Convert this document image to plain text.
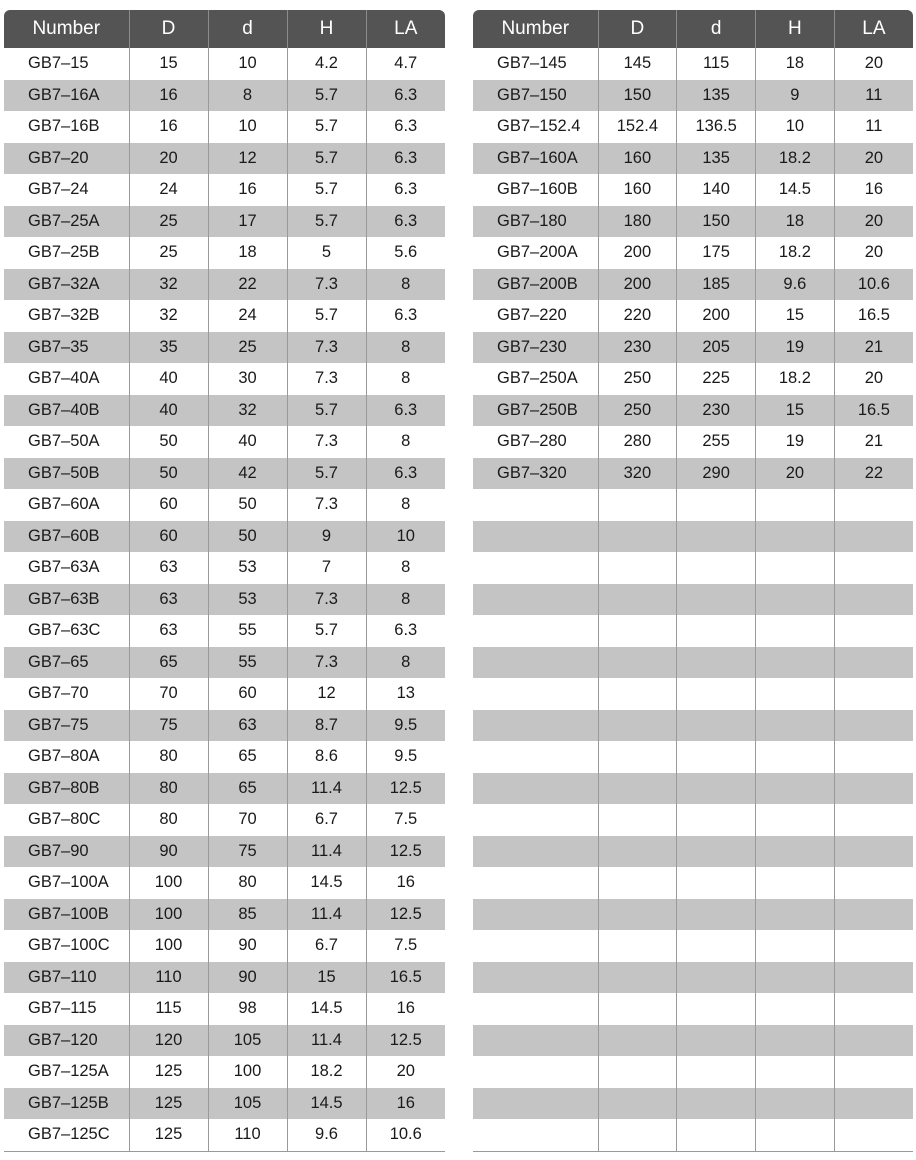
Number	D	d	H	LA
GB7–15	15	10	4.2	4.7
GB7–16A	16	8	5.7	6.3
GB7–16B	16	10	5.7	6.3
GB7–20	20	12	5.7	6.3
GB7–24	24	16	5.7	6.3
GB7–25A	25	17	5.7	6.3
GB7–25B	25	18	5	5.6
GB7–32A	32	22	7.3	8
GB7–32B	32	24	5.7	6.3
GB7–35	35	25	7.3	8
GB7–40A	40	30	7.3	8
GB7–40B	40	32	5.7	6.3
GB7–50A	50	40	7.3	8
GB7–50B	50	42	5.7	6.3
GB7–60A	60	50	7.3	8
GB7–60B	60	50	9	10
GB7–63A	63	53	7	8
GB7–63B	63	53	7.3	8
GB7–63C	63	55	5.7	6.3
GB7–65	65	55	7.3	8
GB7–70	70	60	12	13
GB7–75	75	63	8.7	9.5
GB7–80A	80	65	8.6	9.5
GB7–80B	80	65	11.4	12.5
GB7–80C	80	70	6.7	7.5
GB7–90	90	75	11.4	12.5
GB7–100A	100	80	14.5	16
GB7–100B	100	85	11.4	12.5
GB7–100C	100	90	6.7	7.5
GB7–110	110	90	15	16.5
GB7–115	115	98	14.5	16
GB7–120	120	105	11.4	12.5
GB7–125A	125	100	18.2	20
GB7–125B	125	105	14.5	16
GB7–125C	125	110	9.6	10.6
Number	D	d	H	LA
GB7–145	145	115	18	20
GB7–150	150	135	9	11
GB7–152.4	152.4	136.5	10	11
GB7–160A	160	135	18.2	20
GB7–160B	160	140	14.5	16
GB7–180	180	150	18	20
GB7–200A	200	175	18.2	20
GB7–200B	200	185	9.6	10.6
GB7–220	220	200	15	16.5
GB7–230	230	205	19	21
GB7–250A	250	225	18.2	20
GB7–250B	250	230	15	16.5
GB7–280	280	255	19	21
GB7–320	320	290	20	22
